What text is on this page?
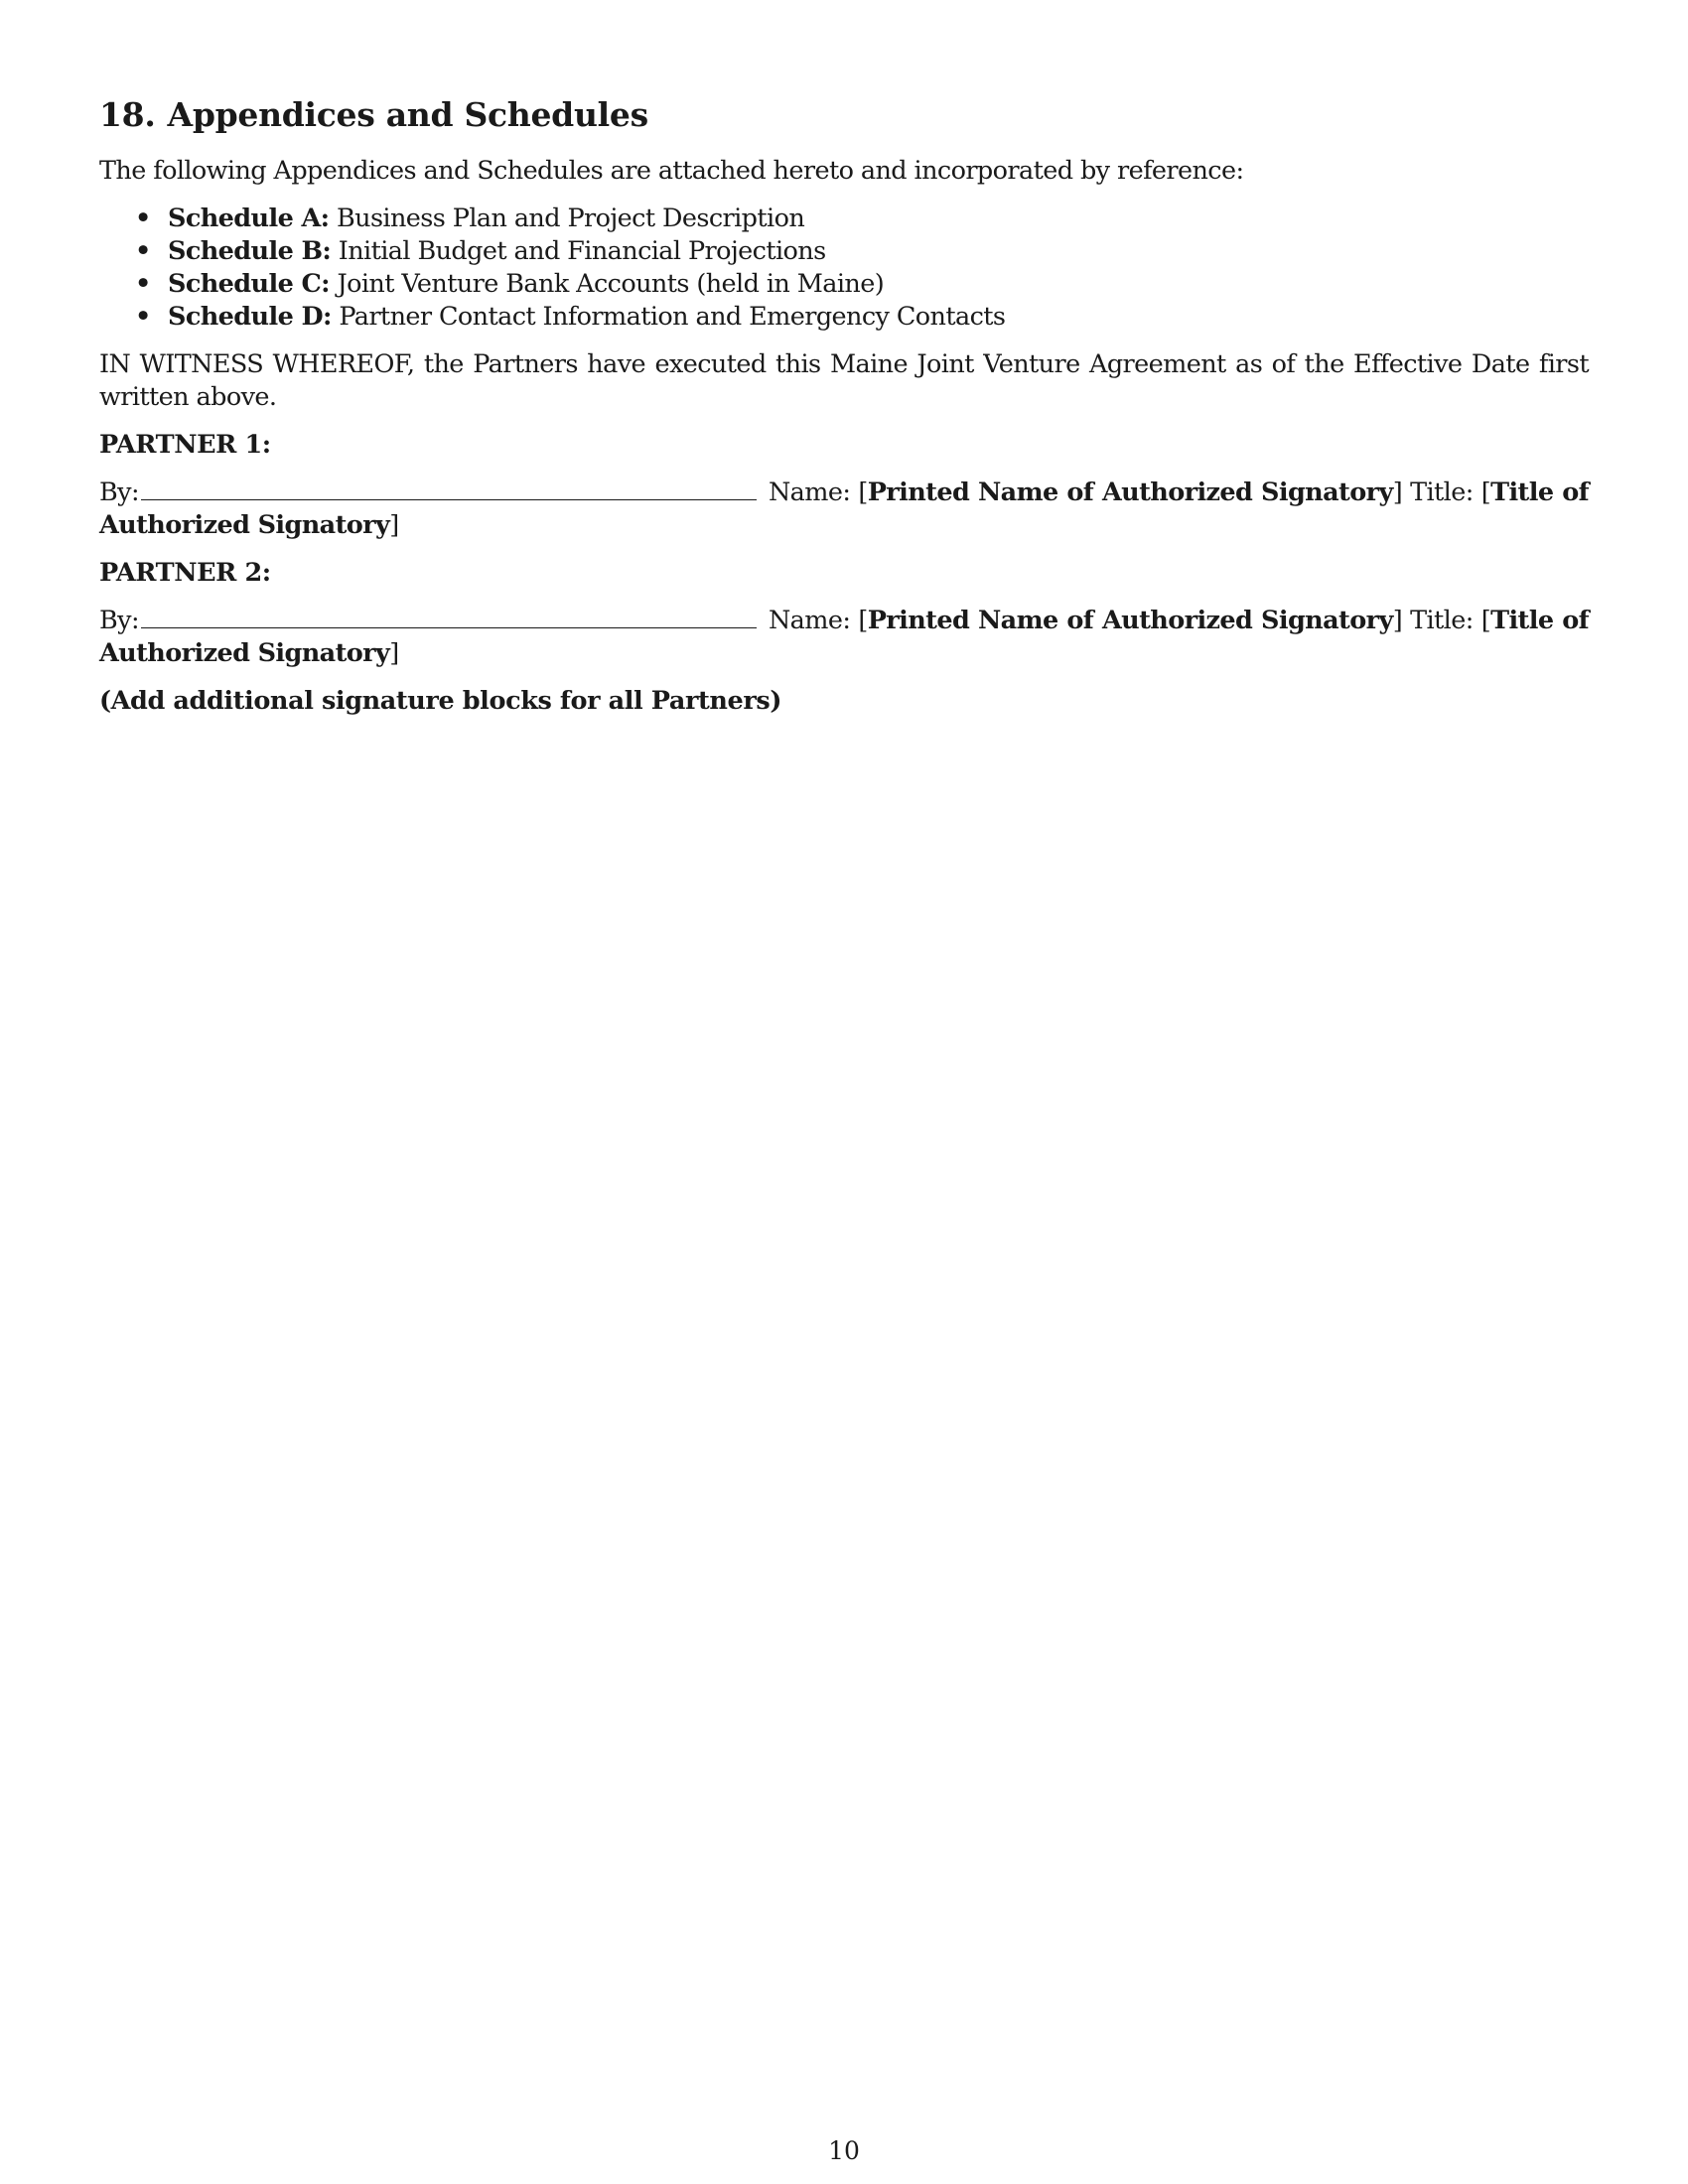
18. Appendices and Schedules

The following Appendices and Schedules are attached hereto and incorporated by reference:

• Schedule A: Business Plan and Project Description
• Schedule B: Initial Budget and Financial Projections
• Schedule C: Joint Venture Bank Accounts (held in Maine)
• Schedule D: Partner Contact Information and Emergency Contacts

IN WITNESS WHEREOF, the Partners have executed this Maine Joint Venture Agreement as of the Effective Date first written above.

PARTNER 1:
By:	Name: [Printed Name of Authorized Signatory] Title: [Title of Authorized Signatory]
PARTNER 2:
By:	Name: [Printed Name of Authorized Signatory] Title: [Title of Authorized Signatory]
(Add additional signature blocks for all Partners)
10
